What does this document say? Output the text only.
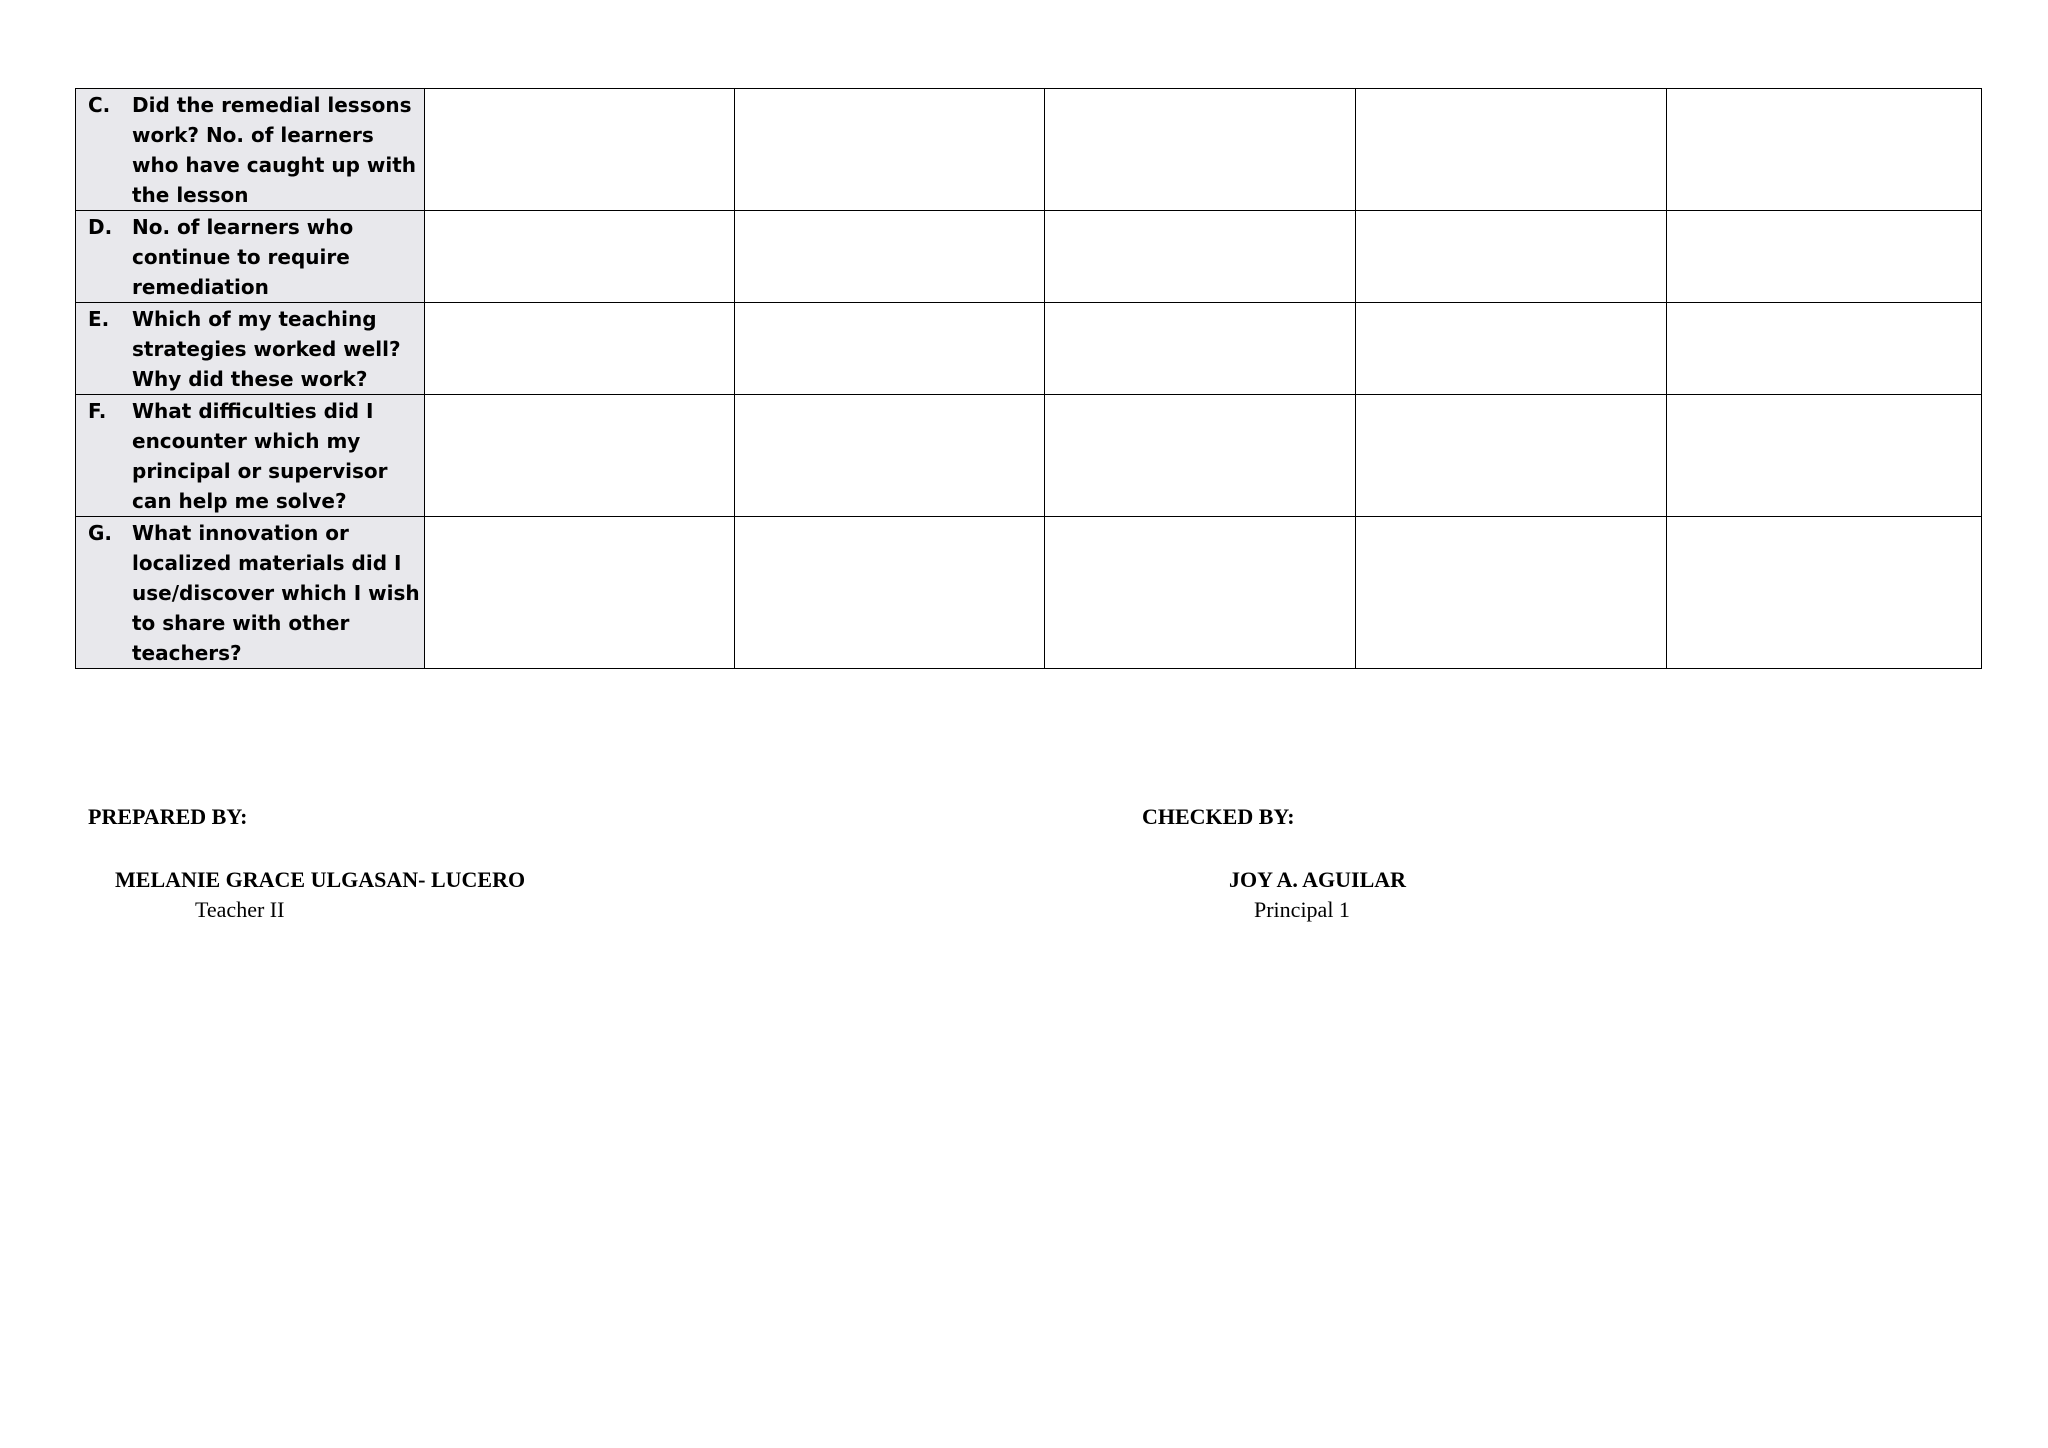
C. Did the remedial lessons work? No. of learners who have caught up with the lesson					

D. No. of learners who continue to require remediation					

E. Which of my teaching strategies worked well? Why did these work?					

F. What difficulties did I encounter which my principal or supervisor can help me solve?					

G. What innovation or localized materials did I use/discover which I wish to share with other teachers?					

PREPARED BY:
MELANIE GRACE ULGASAN- LUCERO
Teacher II
CHECKED BY:
JOY A. AGUILAR
Principal 1
